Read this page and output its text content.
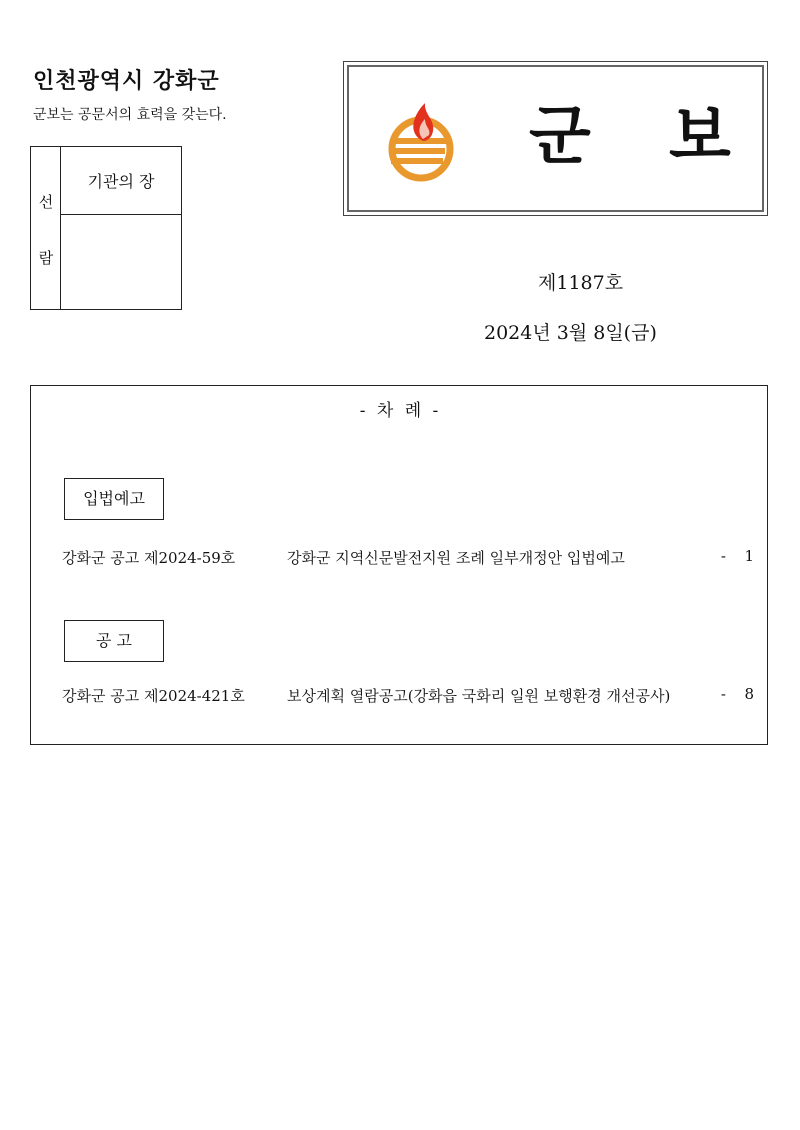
인천광역시 강화군
군보는 공문서의 효력을 갖는다.
선
람
기관의 장
군 보
제1187호
2024년 3월 8일(금)
- 차 례 -
입법예고
강화군 공고 제2024-59호	강화군 지역신문발전지원 조례 일부개정안 입법예고	- 1
공 고
강화군 공고 제2024-421호	보상계획 열람공고(강화읍 국화리 일원 보행환경 개선공사)	- 8
